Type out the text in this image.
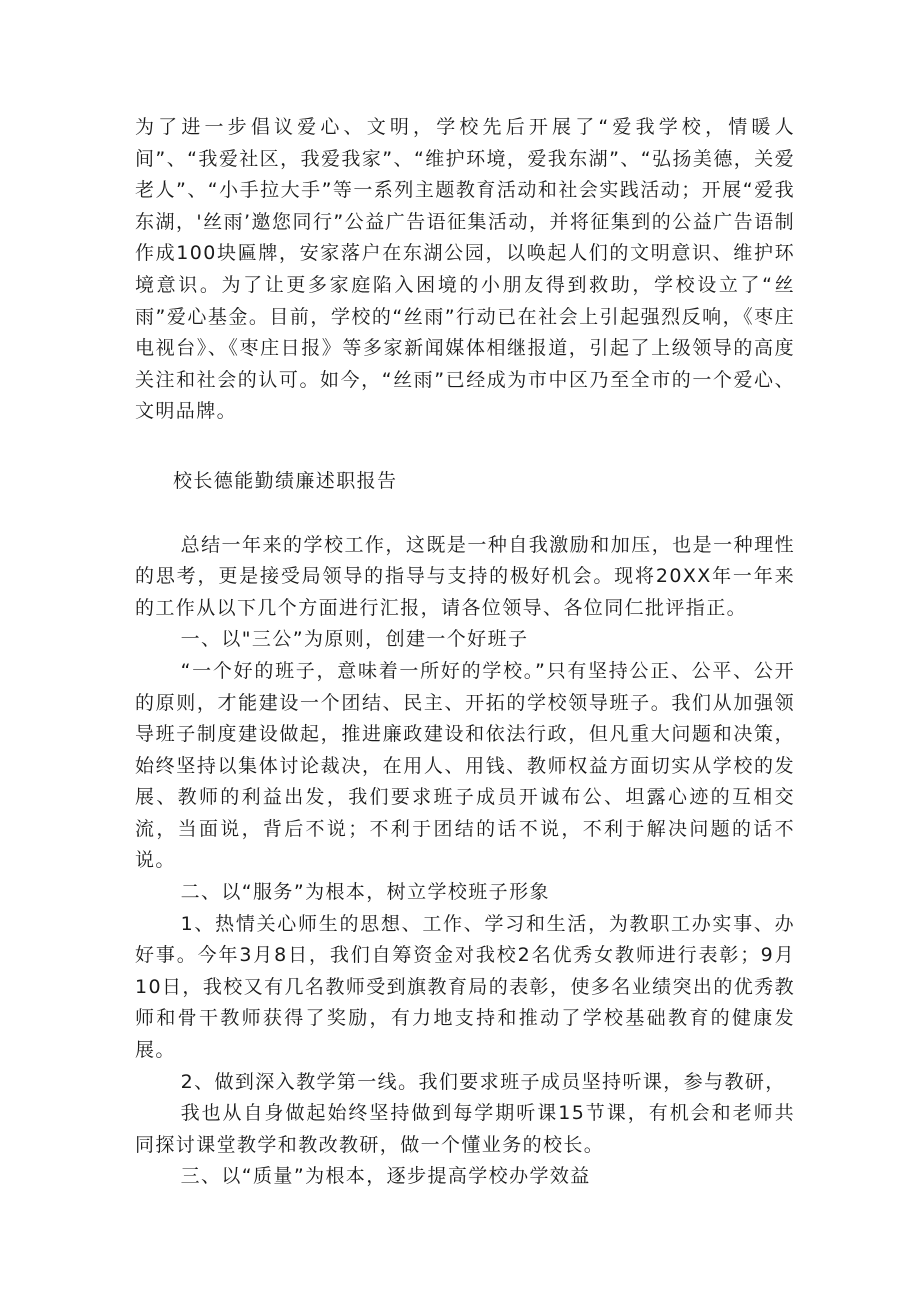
为了进一步倡议爱心、文明，学校先后开展了“爱我学校，情暖人间”、“我爱社区，我爱我家”、“维护环境，爱我东湖”、“弘扬美德，关爱老人”、“小手拉大手”等一系列主题教育活动和社会实践活动；开展“爱我东湖，'丝雨’邀您同行”公益广告语征集活动，并将征集到的公益广告语制作成100块匾牌，安家落户在东湖公园，以唤起人们的文明意识、维护环境意识。为了让更多家庭陷入困境的小朋友得到救助，学校设立了“丝雨”爱心基金。目前，学校的“丝雨”行动已在社会上引起强烈反响，《枣庄电视台》、《枣庄日报》等多家新闻媒体相继报道，引起了上级领导的高度关注和社会的认可。如今，“丝雨”已经成为市中区乃至全市的一个爱心、文明品牌。

校长德能勤绩廉述职报告

总结一年来的学校工作，这既是一种自我激励和加压，也是一种理性的思考，更是接受局领导的指导与支持的极好机会。现将20XX年一年来的工作从以下几个方面进行汇报，请各位领导、各位同仁批评指正。

一、以"三公”为原则，创建一个好班子

“一个好的班子，意味着一所好的学校。”只有坚持公正、公平、公开的原则，才能建设一个团结、民主、开拓的学校领导班子。我们从加强领导班子制度建设做起，推进廉政建设和依法行政，但凡重大问题和决策，始终坚持以集体讨论裁决，在用人、用钱、教师权益方面切实从学校的发展、教师的利益出发，我们要求班子成员开诚布公、坦露心迹的互相交流，当面说，背后不说；不利于团结的话不说，不利于解决问题的话不说。

二、以“服务”为根本，树立学校班子形象

1、热情关心师生的思想、工作、学习和生活，为教职工办实事、办好事。今年3月8日，我们自筹资金对我校2名优秀女教师进行表彰；9月10日，我校又有几名教师受到旗教育局的表彰，使多名业绩突出的优秀教师和骨干教师获得了奖励，有力地支持和推动了学校基础教育的健康发展。

2、做到深入教学第一线。我们要求班子成员坚持听课，参与教研，

我也从自身做起始终坚持做到每学期听课15节课，有机会和老师共同探讨课堂教学和教改教研，做一个懂业务的校长。

三、以“质量”为根本，逐步提高学校办学效益
